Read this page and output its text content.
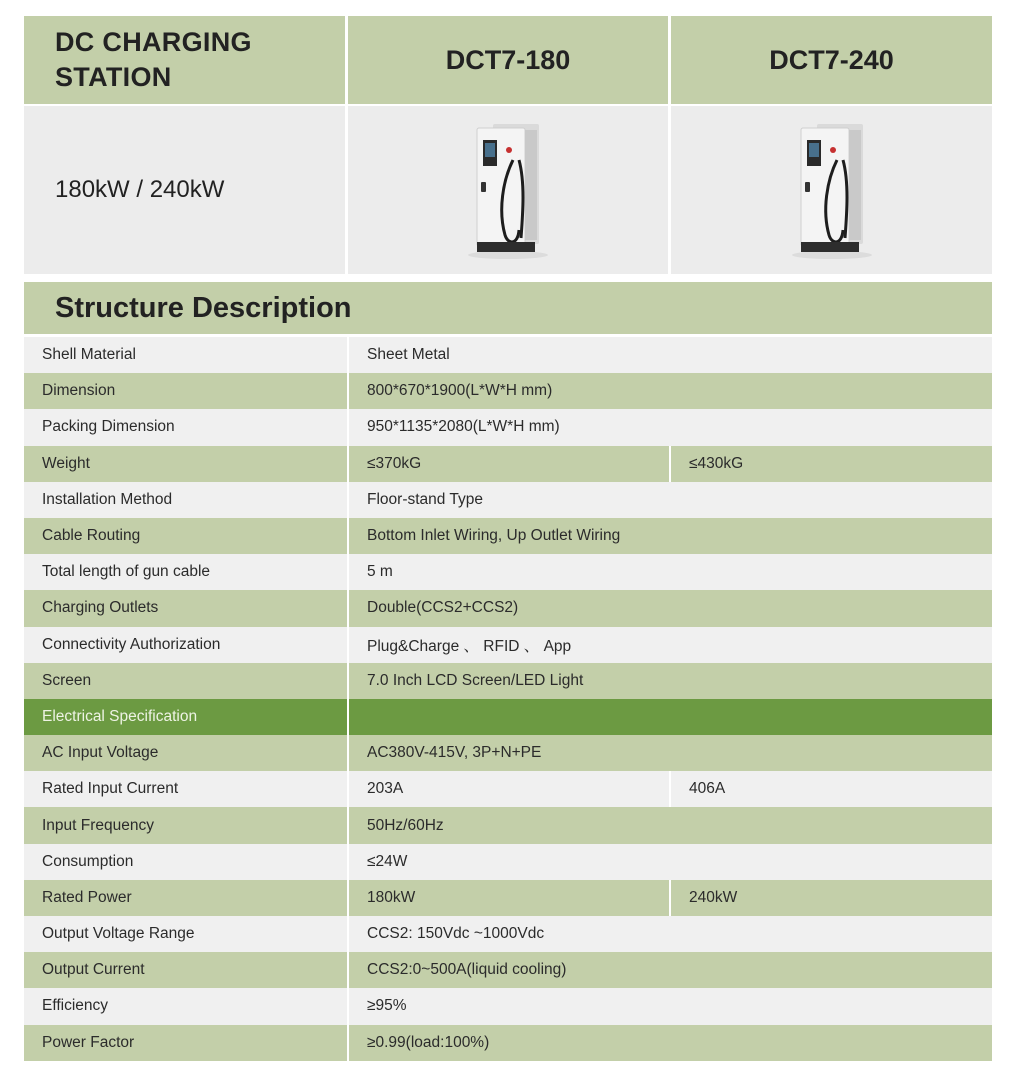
DC CHARGING STATION
DCT7-180	DCT7-240
180kW / 240kW
Structure Description
Shell Material	Sheet Metal
Dimension	800*670*1900(L*W*H mm)
Packing Dimension	950*1135*2080(L*W*H mm)
Weight	≤370kG	≤430kG
Installation Method	Floor-stand Type
Cable Routing	Bottom Inlet Wiring, Up Outlet Wiring
Total length of gun cable	5 m
Charging Outlets	Double(CCS2+CCS2)
Connectivity Authorization	Plug&Charge 、 RFID 、 App
Screen	7.0 Inch LCD Screen/LED Light
Electrical Specification
AC Input Voltage	AC380V-415V, 3P+N+PE
Rated Input Current	203A	406A
Input Frequency	50Hz/60Hz
Consumption	≤24W
Rated Power	180kW	240kW
Output Voltage Range	CCS2: 150Vdc ~1000Vdc
Output Current	CCS2:0~500A(liquid cooling)
Efficiency	≥95%
Power Factor	≥0.99(load:100%)
